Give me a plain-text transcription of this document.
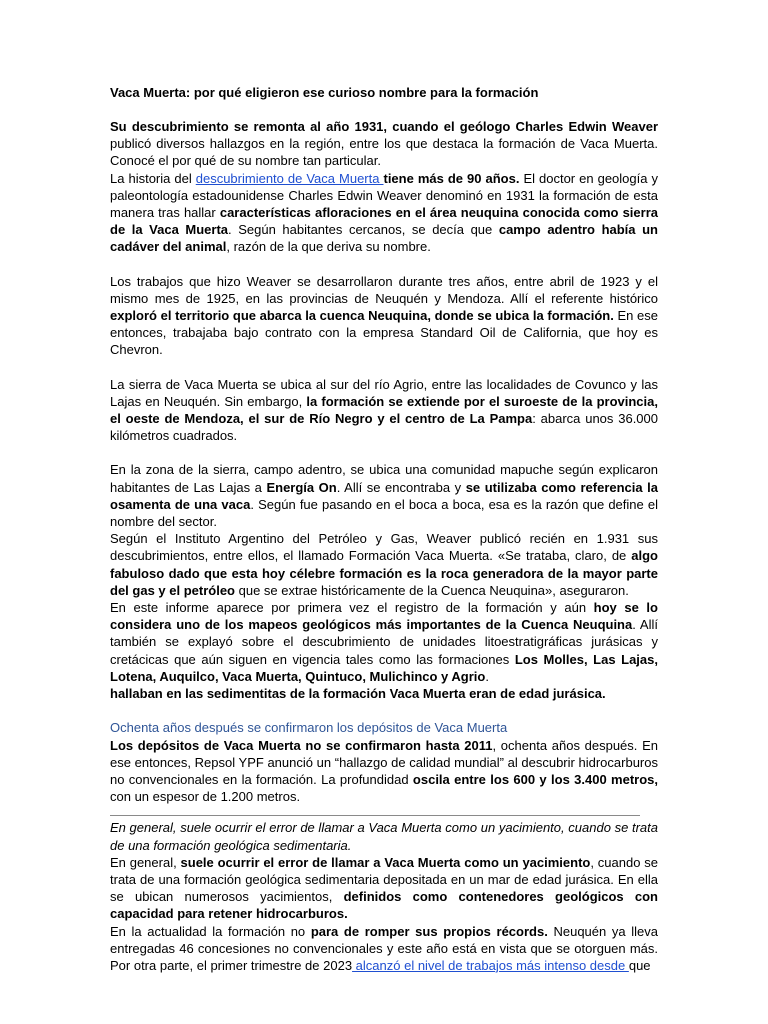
Vaca Muerta: por qué eligieron ese curioso nombre para la formación

Su descubrimiento se remonta al año 1931, cuando el geólogo Charles Edwin Weaver publicó diversos hallazgos en la región, entre los que destaca la formación de Vaca Muerta. Conocé el por qué de su nombre tan particular.

La historia del descubrimiento de Vaca Muerta tiene más de 90 años. El doctor en geología y paleontología estadounidense Charles Edwin Weaver denominó en 1931 la formación de esta manera tras hallar características afloraciones en el área neuquina conocida como sierra de la Vaca Muerta. Según habitantes cercanos, se decía que campo adentro había un cadáver del animal, razón de la que deriva su nombre.

Los trabajos que hizo Weaver se desarrollaron durante tres años, entre abril de 1923 y el mismo mes de 1925, en las provincias de Neuquén y Mendoza. Allí el referente histórico exploró el territorio que abarca la cuenca Neuquina, donde se ubica la formación. En ese entonces, trabajaba bajo contrato con la empresa Standard Oil de California, que hoy es Chevron.

La sierra de Vaca Muerta se ubica al sur del río Agrio, entre las localidades de Covunco y las Lajas en Neuquén. Sin embargo, la formación se extiende por el suroeste de la provincia, el oeste de Mendoza, el sur de Río Negro y el centro de La Pampa: abarca unos 36.000 kilómetros cuadrados.

En la zona de la sierra, campo adentro, se ubica una comunidad mapuche según explicaron habitantes de Las Lajas a Energía On. Allí se encontraba y se utilizaba como referencia la osamenta de una vaca. Según fue pasando en el boca a boca, esa es la razón que define el nombre del sector.

Según el Instituto Argentino del Petróleo y Gas, Weaver publicó recién en 1.931 sus descubrimientos, entre ellos, el llamado Formación Vaca Muerta. «Se trataba, claro, de algo fabuloso dado que esta hoy célebre formación es la roca generadora de la mayor parte del gas y el petróleo que se extrae históricamente de la Cuenca Neuquina», aseguraron.

En este informe aparece por primera vez el registro de la formación y aún hoy se lo considera uno de los mapeos geológicos más importantes de la Cuenca Neuquina. Allí también se explayó sobre el descubrimiento de unidades litoestratigráficas jurásicas y cretácicas que aún siguen en vigencia tales como las formaciones Los Molles, Las Lajas, Lotena, Auquilco, Vaca Muerta, Quintuco, Mulichinco y Agrio.

hallaban en las sedimentitas de la formación Vaca Muerta eran de edad jurásica.

Ochenta años después se confirmaron los depósitos de Vaca Muerta

Los depósitos de Vaca Muerta no se confirmaron hasta 2011, ochenta años después. En ese entonces, Repsol YPF anunció un “hallazgo de calidad mundial” al descubrir hidrocarburos no convencionales en la formación. La profundidad oscila entre los 600 y los 3.400 metros, con un espesor de 1.200 metros.

En general, suele ocurrir el error de llamar a Vaca Muerta como un yacimiento, cuando se trata de una formación geológica sedimentaria.

En general, suele ocurrir el error de llamar a Vaca Muerta como un yacimiento, cuando se trata de una formación geológica sedimentaria depositada en un mar de edad jurásica. En ella se ubican numerosos yacimientos, definidos como contenedores geológicos con capacidad para retener hidrocarburos.

En la actualidad la formación no para de romper sus propios récords. Neuquén ya lleva entregadas 46 concesiones no convencionales y este año está en vista que se otorguen más. Por otra parte, el primer trimestre de 2023 alcanzó el nivel de trabajos más intenso desde que
